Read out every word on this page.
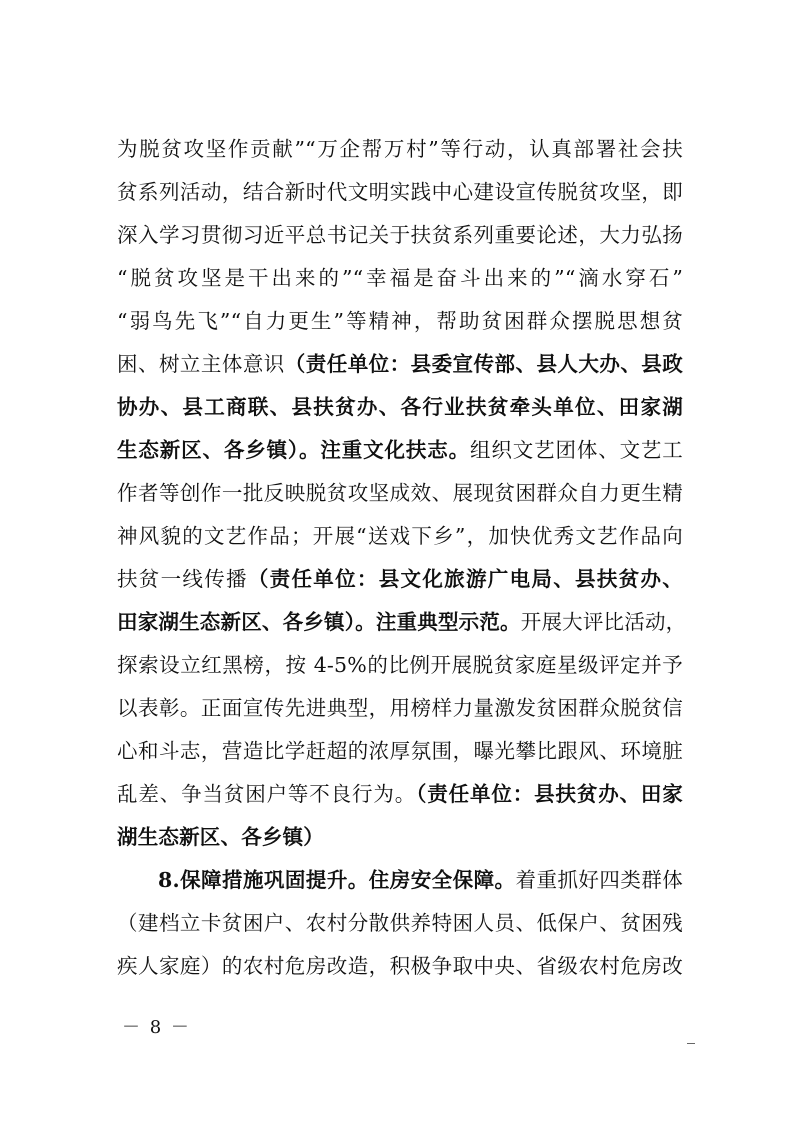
为脱贫攻坚作贡献”“万企帮万村”等行动，认真部署社会扶
贫系列活动，结合新时代文明实践中心建设宣传脱贫攻坚，即
深入学习贯彻习近平总书记关于扶贫系列重要论述，大力弘扬
“脱贫攻坚是干出来的”“幸福是奋斗出来的”“滴水穿石”
“弱鸟先飞”“自力更生”等精神，帮助贫困群众摆脱思想贫
困、树立主体意识（责任单位：县委宣传部、县人大办、县政
协办、县工商联、县扶贫办、各行业扶贫牵头单位、田家湖
生态新区、各乡镇）。注重文化扶志。组织文艺团体、文艺工
作者等创作一批反映脱贫攻坚成效、展现贫困群众自力更生精
神风貌的文艺作品；开展“送戏下乡”，加快优秀文艺作品向
扶贫一线传播（责任单位：县文化旅游广电局、县扶贫办、
田家湖生态新区、各乡镇）。注重典型示范。开展大评比活动，
探索设立红黑榜，按 4-5%的比例开展脱贫家庭星级评定并予
以表彰。正面宣传先进典型，用榜样力量激发贫困群众脱贫信
心和斗志，营造比学赶超的浓厚氛围，曝光攀比跟风、环境脏
乱差、争当贫困户等不良行为。（责任单位：县扶贫办、田家
湖生态新区、各乡镇）
8.保障措施巩固提升。住房安全保障。着重抓好四类群体
（建档立卡贫困户、农村分散供养特困人员、低保户、贫困残
疾人家庭）的农村危房改造，积极争取中央、省级农村危房改
－ 8 －
